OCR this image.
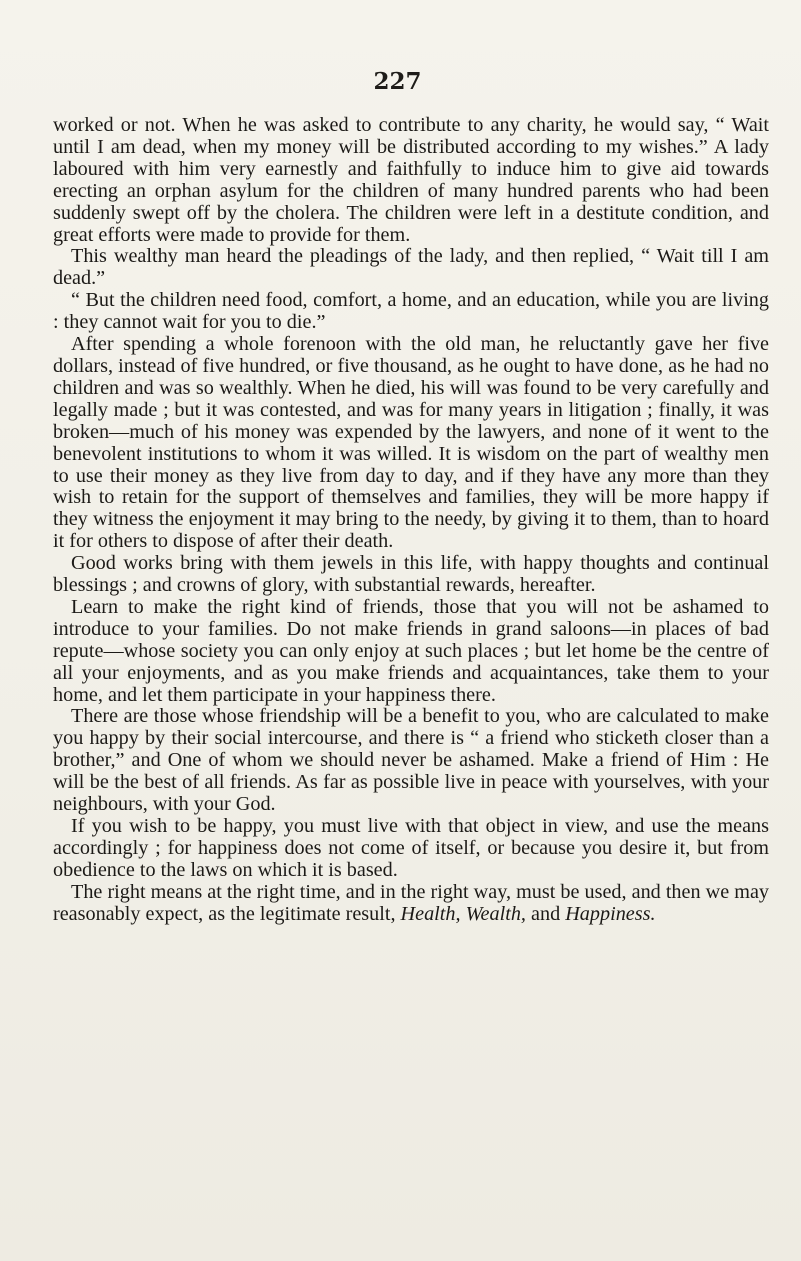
227

worked or not. When he was asked to contribute to any charity, he would say, “ Wait until I am dead, when my money will be distributed according to my wishes.” A lady laboured with him very earnestly and faithfully to induce him to give aid towards erecting an orphan asylum for the children of many hundred parents who had been suddenly swept off by the cholera. The children were left in a destitute condition, and great efforts were made to provide for them.

This wealthy man heard the pleadings of the lady, and then replied, “ Wait till I am dead.”

“ But the children need food, comfort, a home, and an education, while you are living : they cannot wait for you to die.”

After spending a whole forenoon with the old man, he reluctantly gave her five dollars, instead of five hundred, or five thousand, as he ought to have done, as he had no children and was so wealthly. When he died, his will was found to be very carefully and legally made ; but it was contested, and was for many years in litigation ; finally, it was broken—much of his money was expended by the lawyers, and none of it went to the benevolent institutions to whom it was willed. It is wisdom on the part of wealthy men to use their money as they live from day to day, and if they have any more than they wish to retain for the support of themselves and families, they will be more happy if they witness the enjoyment it may bring to the needy, by giving it to them, than to hoard it for others to dispose of after their death.

Good works bring with them jewels in this life, with happy thoughts and continual blessings ; and crowns of glory, with substantial rewards, hereafter.

Learn to make the right kind of friends, those that you will not be ashamed to introduce to your families. Do not make friends in grand saloons—in places of bad repute—whose society you can only enjoy at such places ; but let home be the centre of all your enjoyments, and as you make friends and acquaintances, take them to your home, and let them participate in your happiness there.

There are those whose friendship will be a benefit to you, who are calculated to make you happy by their social intercourse, and there is “ a friend who sticketh closer than a brother,” and One of whom we should never be ashamed. Make a friend of Him : He will be the best of all friends. As far as possible live in peace with yourselves, with your neighbours, with your God.

If you wish to be happy, you must live with that object in view, and use the means accordingly ; for happiness does not come of itself, or because you desire it, but from obedience to the laws on which it is based.

The right means at the right time, and in the right way, must be used, and then we may reasonably expect, as the legitimate result, Health, Wealth, and Happiness.
